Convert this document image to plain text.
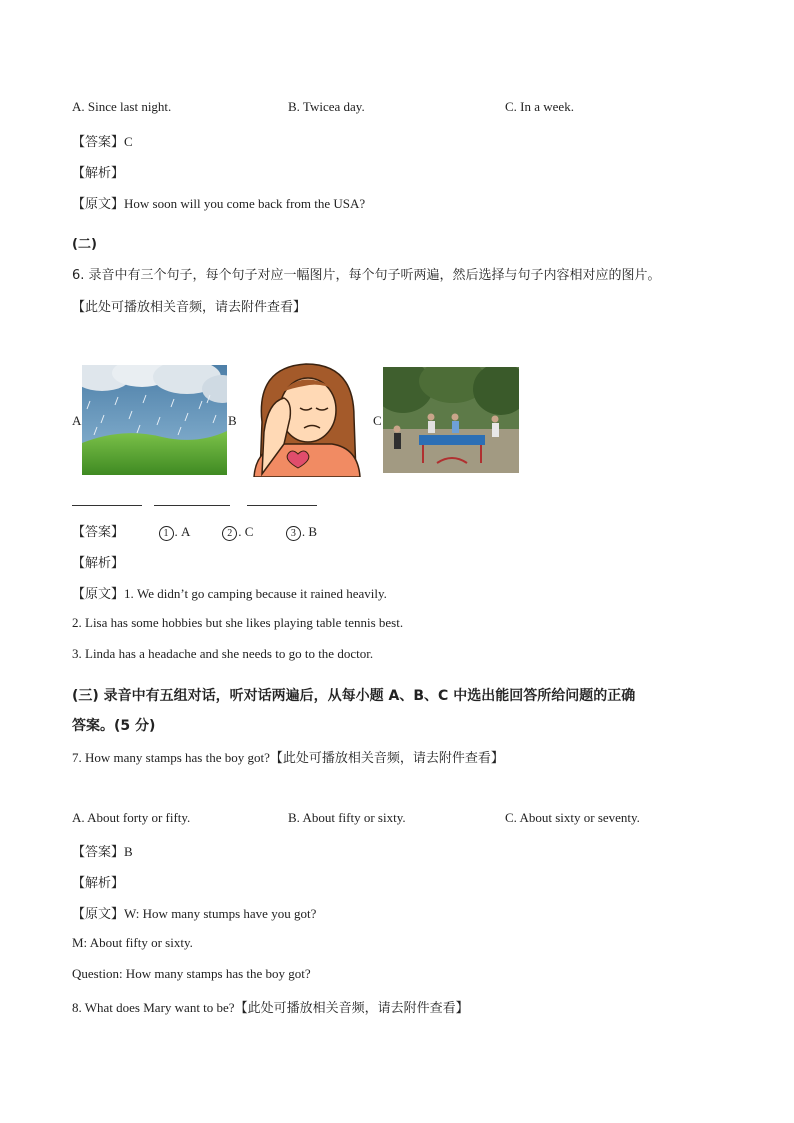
A. Since last night.	B. Twicea day.	C. In a week.
【答案】C
【解析】
【原文】How soon will you come back from the USA?
(二)
6. 录音中有三个句子，每个句子对应一幅图片，每个句子听两遍，然后选择与句子内容相对应的图片。
【此处可播放相关音频，请去附件查看】
A	B	C
【答案】	1 . A	2 . C	3 . B
【解析】
【原文】1. We didn’t go camping because it rained heavily.
2. Lisa has some hobbies but she likes playing table tennis best.
3. Linda has a headache and she needs to go to the doctor.
(三) 录音中有五组对话，听对话两遍后，从每小题 A、B、C 中选出能回答所给问题的正确
答案。(5 分)
7. How many stamps has the boy got?【此处可播放相关音频，请去附件查看】
A. About forty or fifty.	B. About fifty or sixty.	C. About sixty or seventy.
【答案】B
【解析】
【原文】W: How many stumps have you got?
M: About fifty or sixty.
Question: How many stamps has the boy got?
8. What does Mary want to be?【此处可播放相关音频，请去附件查看】
